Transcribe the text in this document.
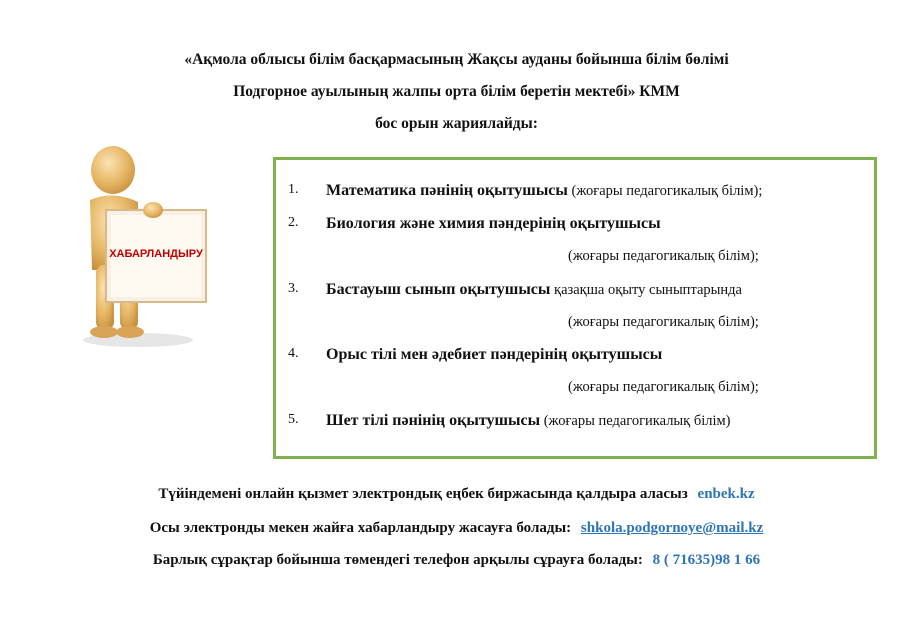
«Ақмола облысы білім басқармасының Жақсы ауданы бойынша білім бөлімі
Подгорное ауылының жалпы орта білім беретін мектебі» КММ
бос орын жариялайды:
ХАБАРЛАНДЫРУ
1. Математика пәнінің оқытушысы (жоғары педагогикалық білім);
2. Биология және химия пәндерінің оқытушысы
(жоғары педагогикалық білім);
3. Бастауыш сынып оқытушысы қазақша оқыту сыныптарында
(жоғары педагогикалық білім);
4. Орыс тілі мен әдебиет пәндерінің оқытушысы
(жоғары педагогикалық білім);
5. Шет тілі пәнінің оқытушысы (жоғары педагогикалық білім)
Түйіндемені онлайн қызмет электрондық еңбек биржасында қалдыра аласыз enbek.kz
Осы электронды мекен жайға хабарландыру жасауға болады: shkola.podgornoye@mail.kz
Барлық сұрақтар бойынша төмендегі телефон арқылы сұрауға болады: 8 ( 71635)98 1 66
